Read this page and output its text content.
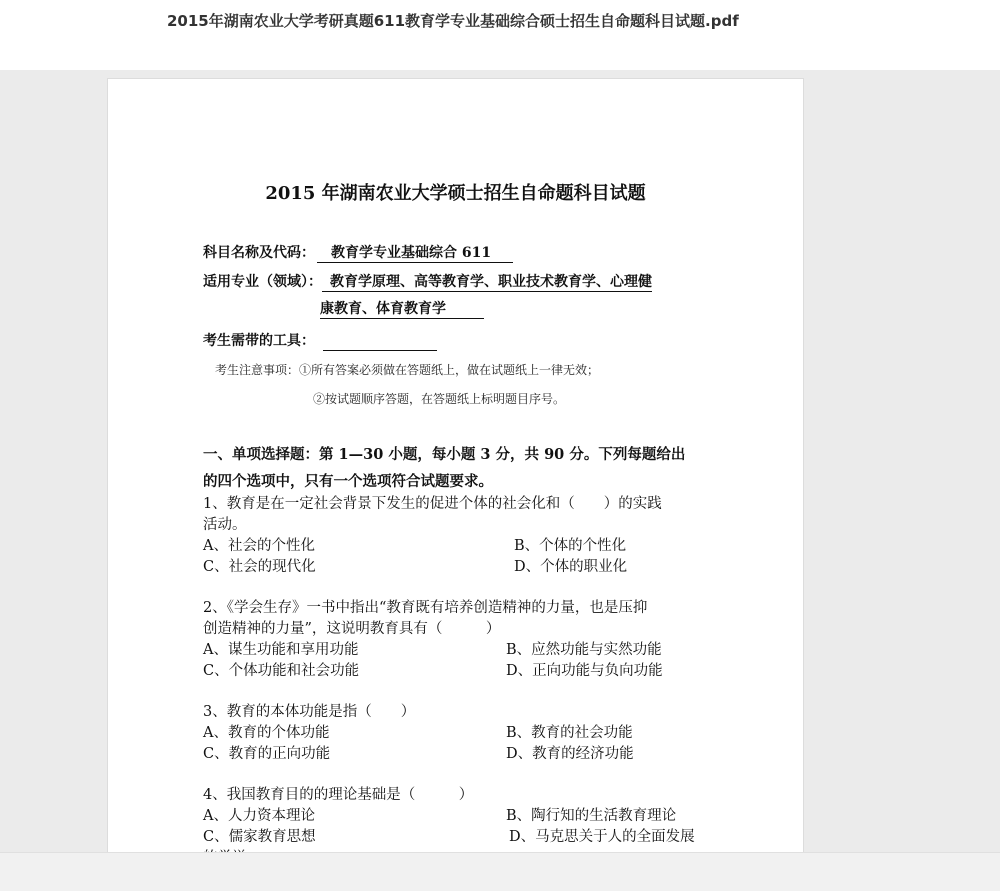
2015年湖南农业大学考研真题611教育学专业基础综合硕士招生自命题科目试题.pdf
2015 年湖南农业大学硕士招生自命题科目试题
科目名称及代码： 教育学专业基础综合 611
适用专业（领域）： 教育学原理、高等教育学、职业技术教育学、心理健
康教育、体育教育学
考生需带的工具：
考生注意事项：①所有答案必须做在答题纸上，做在试题纸上一律无效；
②按试题顺序答题，在答题纸上标明题目序号。
一、单项选择题：第 1—30 小题，每小题 3 分，共 90 分。下列每题给出
的四个选项中，只有一个选项符合试题要求。
1、教育是在一定社会背景下发生的促进个体的社会化和（　　）的实践
活动。
A、社会的个性化	B、个体的个性化
C、社会的现代化	D、个体的职业化
2、《学会生存》一书中指出“教育既有培养创造精神的力量，也是压抑
创造精神的力量”，这说明教育具有（　　　）
A、谋生功能和享用功能	B、应然功能与实然功能
C、个体功能和社会功能	D、正向功能与负向功能
3、教育的本体功能是指（　　）
A、教育的个体功能	B、教育的社会功能
C、教育的正向功能	D、教育的经济功能
4、我国教育目的的理论基础是（　　　）
A、人力资本理论	B、陶行知的生活教育理论
C、儒家教育思想	D、马克思关于人的全面发展
